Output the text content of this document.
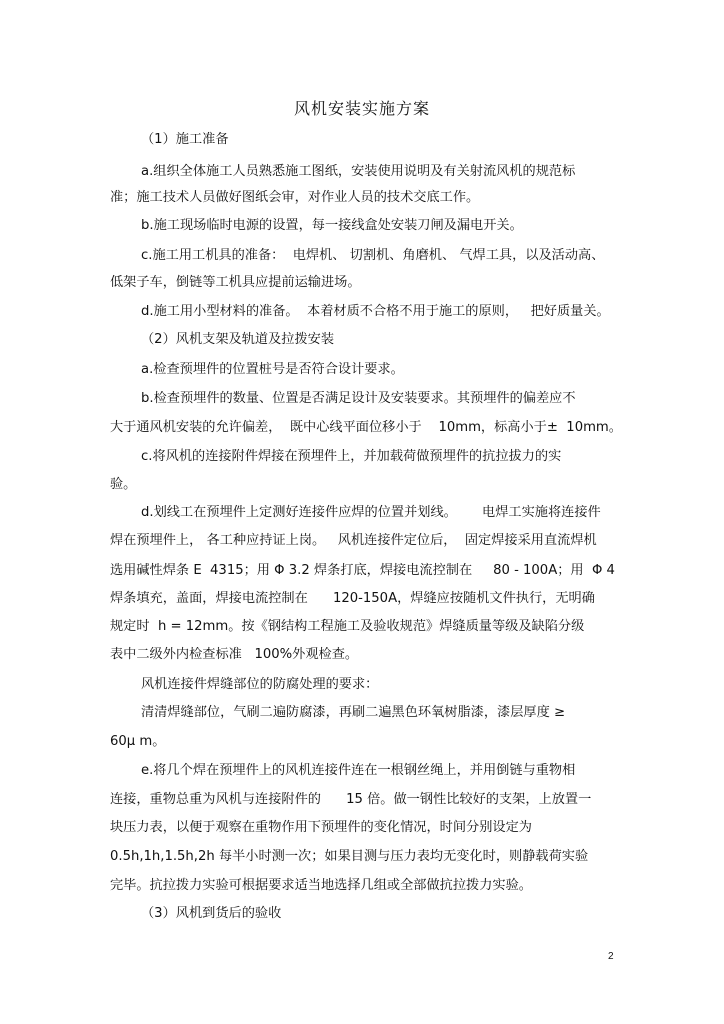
风机安装实施方案

（1）施工准备

a.组织全体施工人员熟悉施工图纸，安装使用说明及有关射流风机的规范标

准；施工技术人员做好图纸会审，对作业人员的技术交底工作。

b.施工现场临时电源的设置，每一接线盒处安装刀闸及漏电开关。

c.施工用工机具的准备：  电焊机、 切割机、角磨机、 气焊工具，以及活动高、

低架子车，倒链等工机具应提前运输进场。

d.施工用小型材料的准备。  本着材质不合格不用于施工的原则，   把好质量关。

（2）风机支架及轨道及拉拨安装

a.检查预埋件的位置桩号是否符合设计要求。

b.检查预埋件的数量、位置是否满足设计及安装要求。其预埋件的偏差应不

大于通风机安装的允许偏差，  既中心线平面位移小于    10mm，标高小于±  10mm。

c.将风机的连接附件焊接在预埋件上，并加载荷做预埋件的抗拉拔力的实

验。

d.划线工在预埋件上定测好连接件应焊的位置并划线。      电焊工实施将连接件

焊在预埋件上， 各工种应持证上岗。   风机连接件定位后，  固定焊接采用直流焊机

选用碱性焊条 E  4315；用 Φ 3.2 焊条打底，焊接电流控制在     80 - 100A；用  Φ 4

焊条填充，盖面，焊接电流控制在      120-150A，焊缝应按随机文件执行，无明确

规定时  h = 12mm。按《钢结构工程施工及验收规范》焊缝质量等级及缺陷分级

表中二级外内检查标准   100%外观检查。

风机连接件焊缝部位的防腐处理的要求：

清清焊缝部位，气刷二遍防腐漆，再刷二遍黑色环氧树脂漆，漆层厚度 ≥

60μ m。

e.将几个焊在预埋件上的风机连接件连在一根钢丝绳上，并用倒链与重物相

连接，重物总重为风机与连接附件的      15 倍。做一钢性比较好的支架，上放置一

块压力表，以便于观察在重物作用下预埋件的变化情况，时间分别设定为

0.5h,1h,1.5h,2h 每半小时测一次；如果目测与压力表均无变化时，则静载荷实验

完毕。抗拉拨力实验可根据要求适当地选择几组或全部做抗拉拨力实验。

（3）风机到货后的验收

2
